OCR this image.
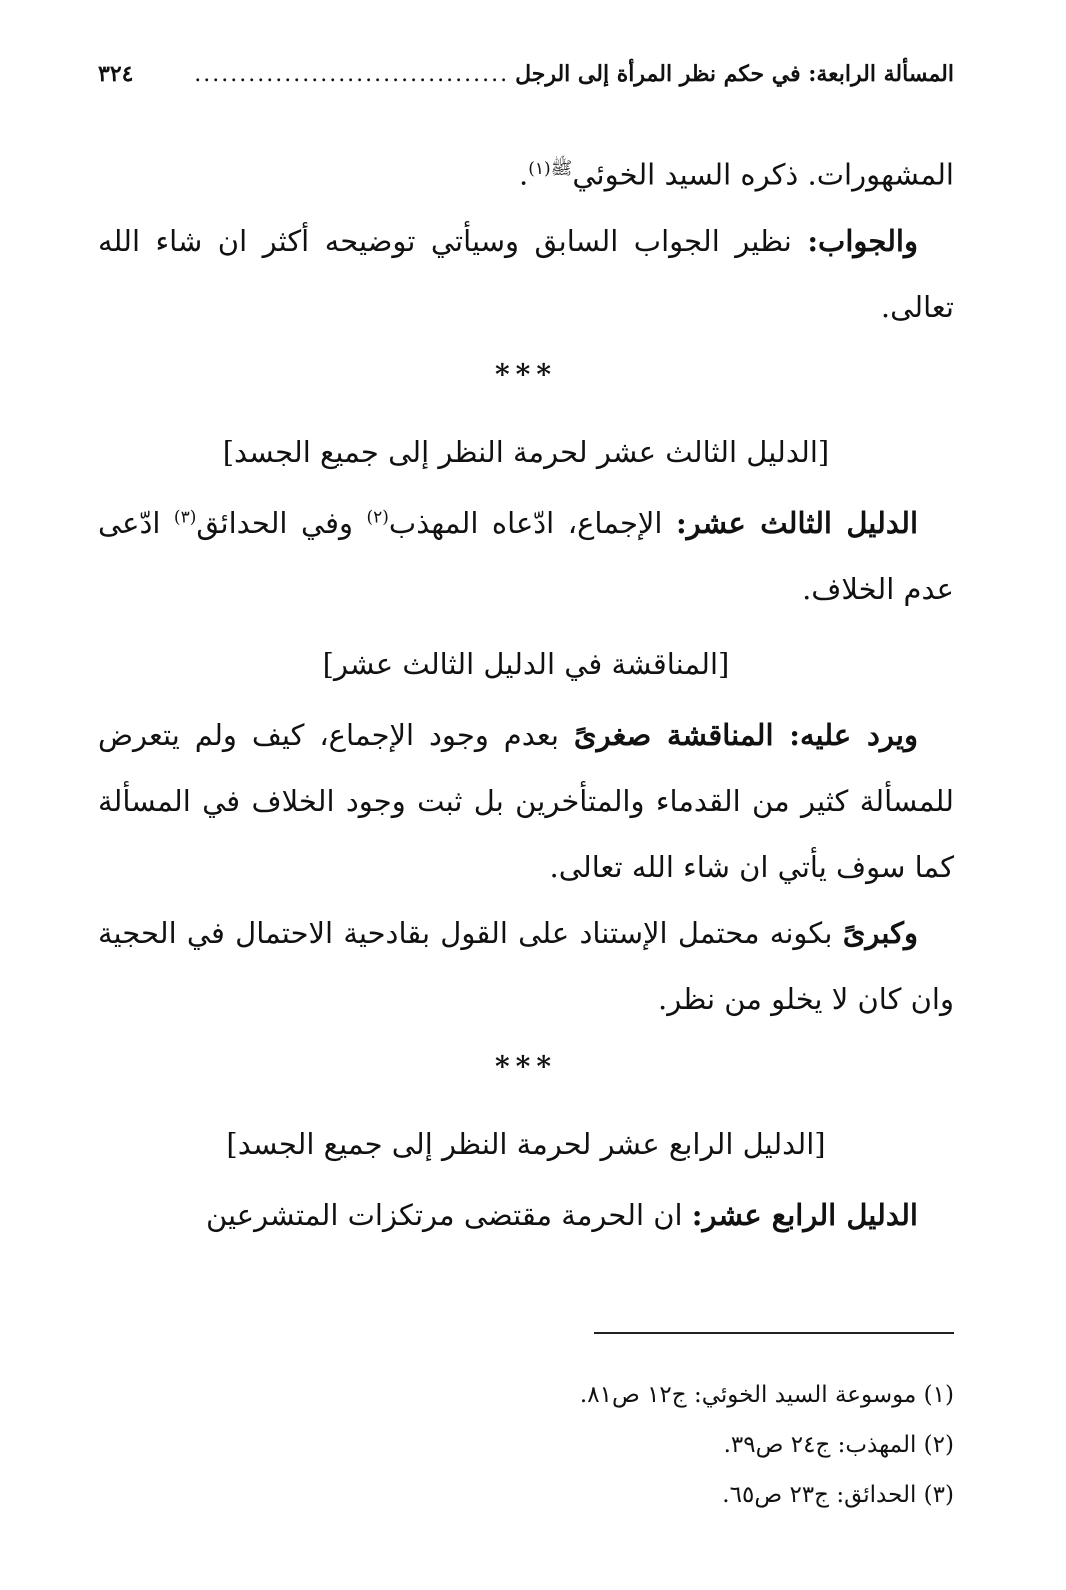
المسألة الرابعة: في حكم نظر المرأة إلى الرجل
...................................
٣٢٤

المشهورات. ذكره السيد الخوئي$^{ﷺ(١)}$.

والجواب: نظير الجواب السابق وسيأتي توضيحه أكثر ان شاء الله تعالى.

***
[الدليل الثالث عشر لحرمة النظر إلى جميع الجسد]

الدليل الثالث عشر: الإجماع، ادّعاه المهذب$^{(٢)}$ وفي الحدائق$^{(٣)}$ ادّعى عدم الخلاف.

[المناقشة في الدليل الثالث عشر]

ويرد عليه: المناقشة صغرىً بعدم وجود الإجماع، كيف ولم يتعرض للمسألة كثير من القدماء والمتأخرين بل ثبت وجود الخلاف في المسألة كما سوف يأتي ان شاء الله تعالى.

وكبرىً بكونه محتمل الإستناد على القول بقادحية الاحتمال في الحجية وان كان لا يخلو من نظر.

***
[الدليل الرابع عشر لحرمة النظر إلى جميع الجسد]

الدليل الرابع عشر: ان الحرمة مقتضى مرتكزات المتشرعين

(١) موسوعة السيد الخوئي: ج١٢ ص٨١.
(٢) المهذب: ج٢٤ ص٣٩.
(٣) الحدائق: ج٢٣ ص٦٥.
